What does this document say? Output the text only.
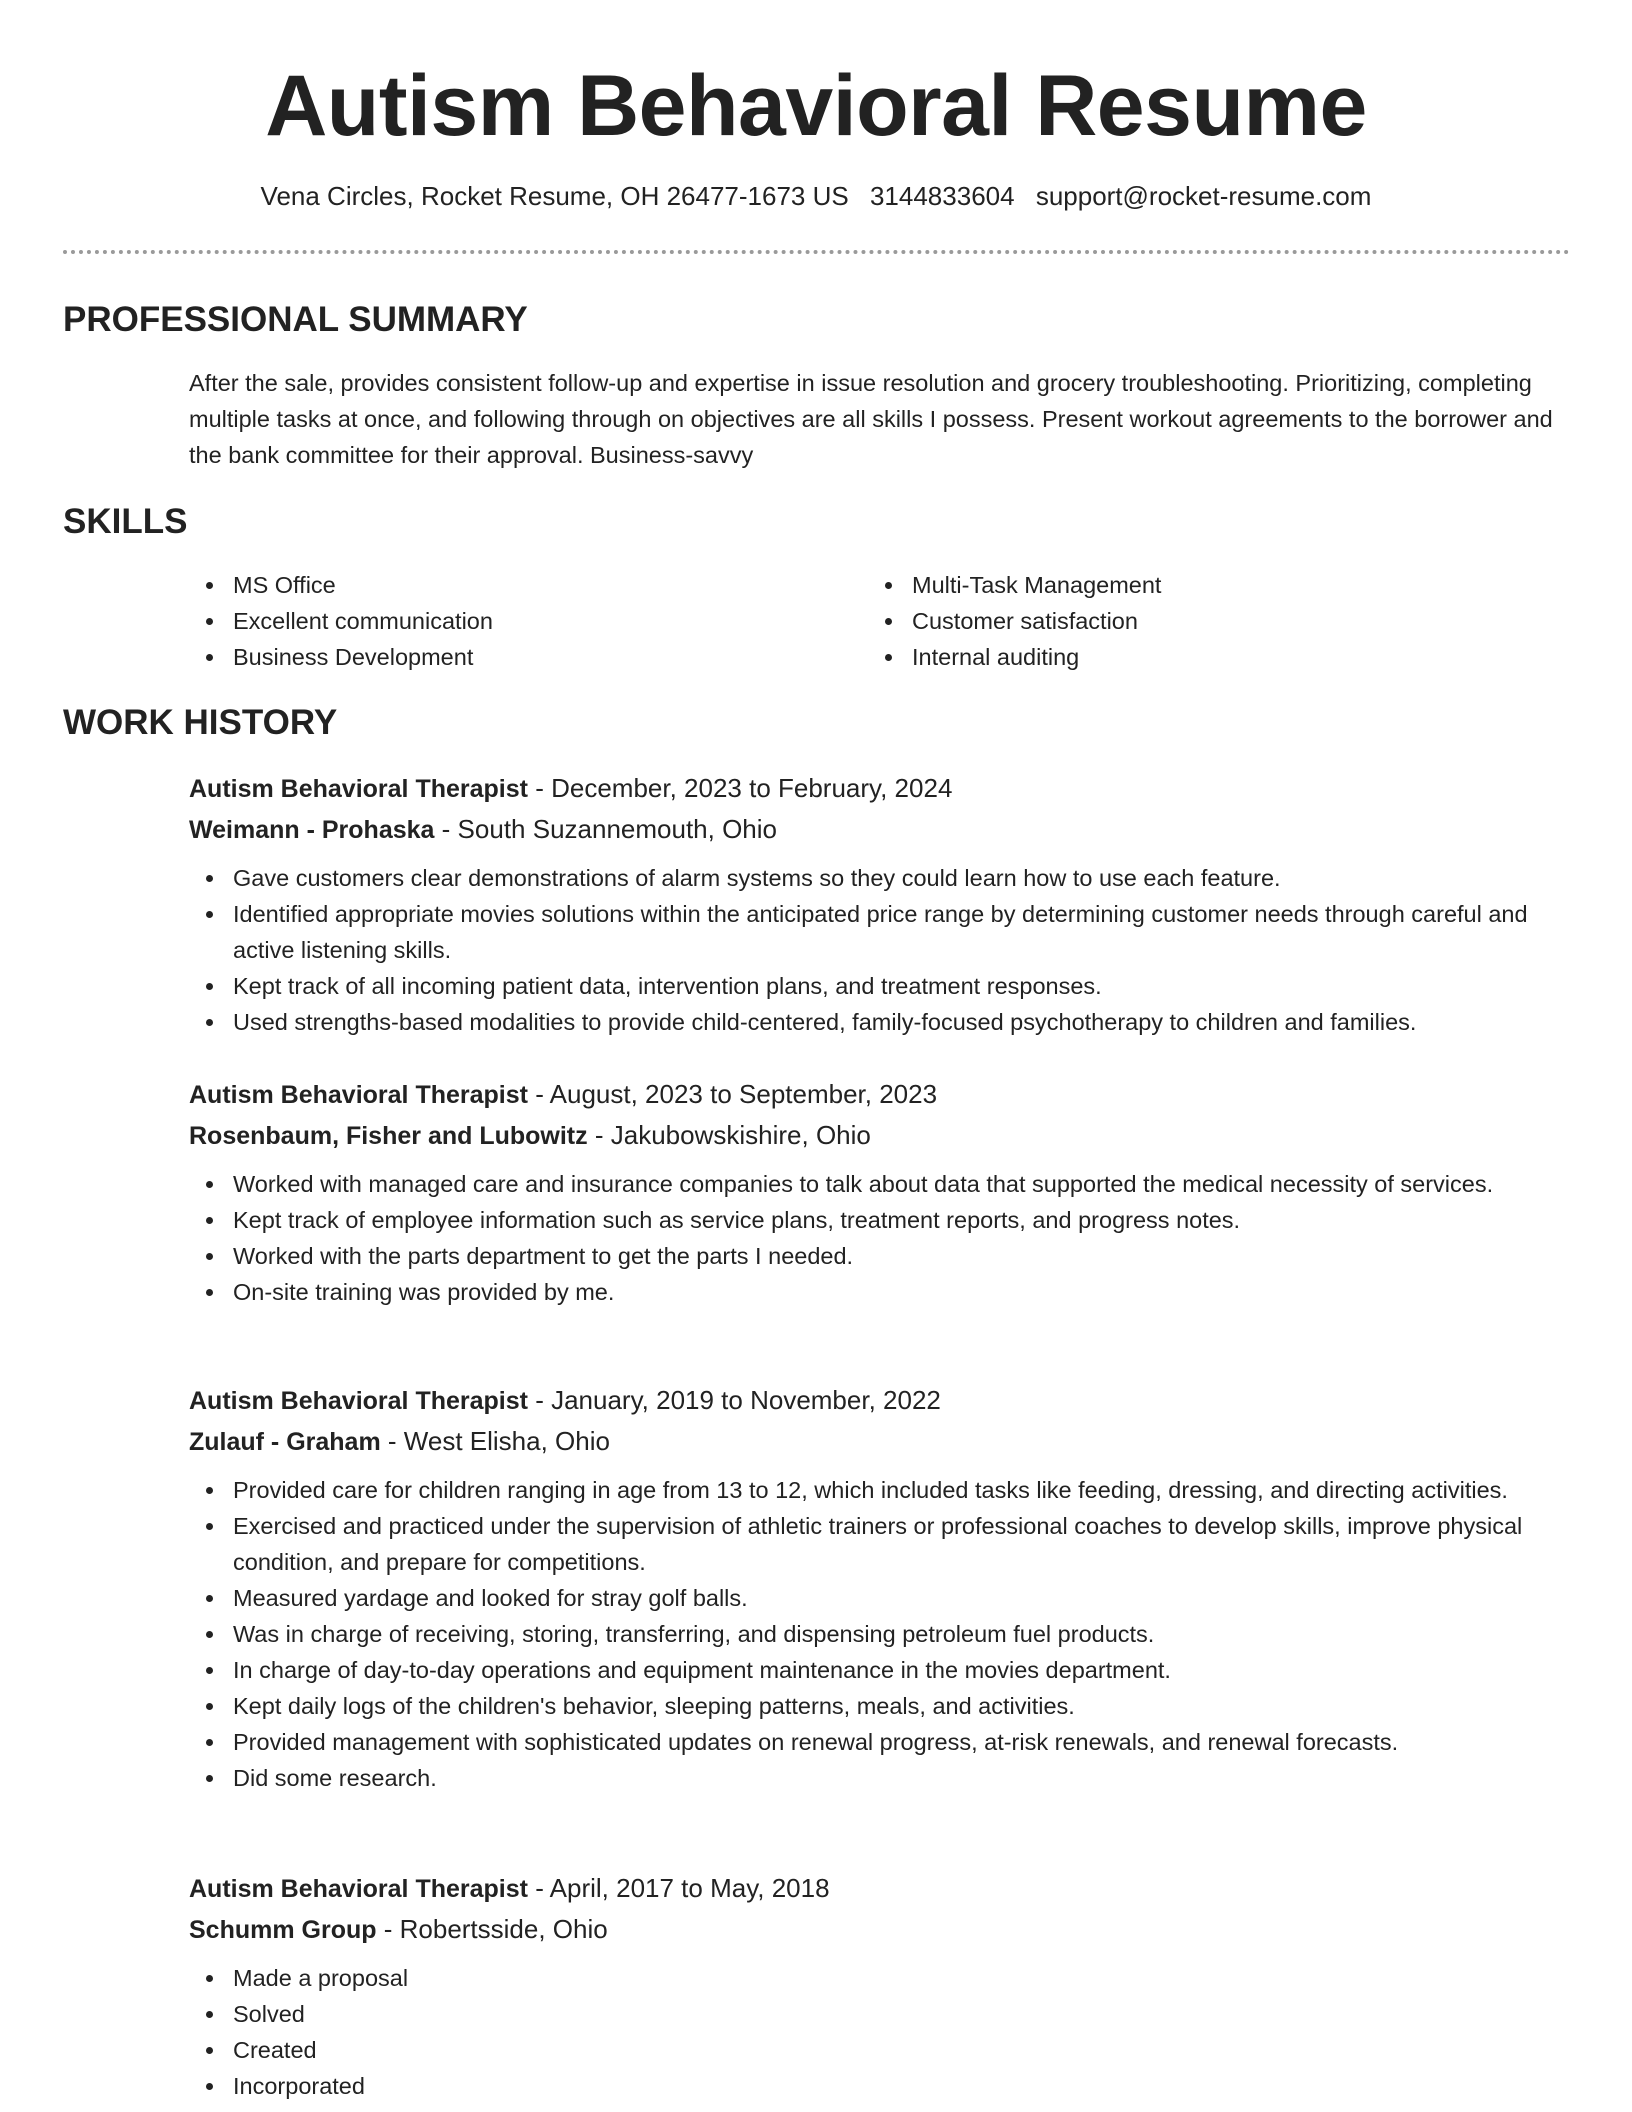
Autism Behavioral Resume
Vena Circles, Rocket Resume, OH 26477-1673 US 3144833604 support@rocket-resume.com
PROFESSIONAL SUMMARY

After the sale, provides consistent follow-up and expertise in issue resolution and grocery troubleshooting. Prioritizing, completing multiple tasks at once, and following through on objectives are all skills I possess. Present workout agreements to the borrower and the bank committee for their approval. Business-savvy

SKILLS
MS Office
Excellent communication
Business Development
Multi-Task Management
Customer satisfaction
Internal auditing
WORK HISTORY
Autism Behavioral Therapist - December, 2023 to February, 2024
Weimann - Prohaska - South Suzannemouth, Ohio
Gave customers clear demonstrations of alarm systems so they could learn how to use each feature.
Identified appropriate movies solutions within the anticipated price range by determining customer needs through careful and active listening skills.
Kept track of all incoming patient data, intervention plans, and treatment responses.
Used strengths-based modalities to provide child-centered, family-focused psychotherapy to children and families.
Autism Behavioral Therapist - August, 2023 to September, 2023
Rosenbaum, Fisher and Lubowitz - Jakubowskishire, Ohio
Worked with managed care and insurance companies to talk about data that supported the medical necessity of services.
Kept track of employee information such as service plans, treatment reports, and progress notes.
Worked with the parts department to get the parts I needed.
On-site training was provided by me.
Autism Behavioral Therapist - January, 2019 to November, 2022
Zulauf - Graham - West Elisha, Ohio
Provided care for children ranging in age from 13 to 12, which included tasks like feeding, dressing, and directing activities.
Exercised and practiced under the supervision of athletic trainers or professional coaches to develop skills, improve physical condition, and prepare for competitions.
Measured yardage and looked for stray golf balls.
Was in charge of receiving, storing, transferring, and dispensing petroleum fuel products.
In charge of day-to-day operations and equipment maintenance in the movies department.
Kept daily logs of the children's behavior, sleeping patterns, meals, and activities.
Provided management with sophisticated updates on renewal progress, at-risk renewals, and renewal forecasts.
Did some research.
Autism Behavioral Therapist - April, 2017 to May, 2018
Schumm Group - Robertsside, Ohio
Made a proposal
Solved
Created
Incorporated
